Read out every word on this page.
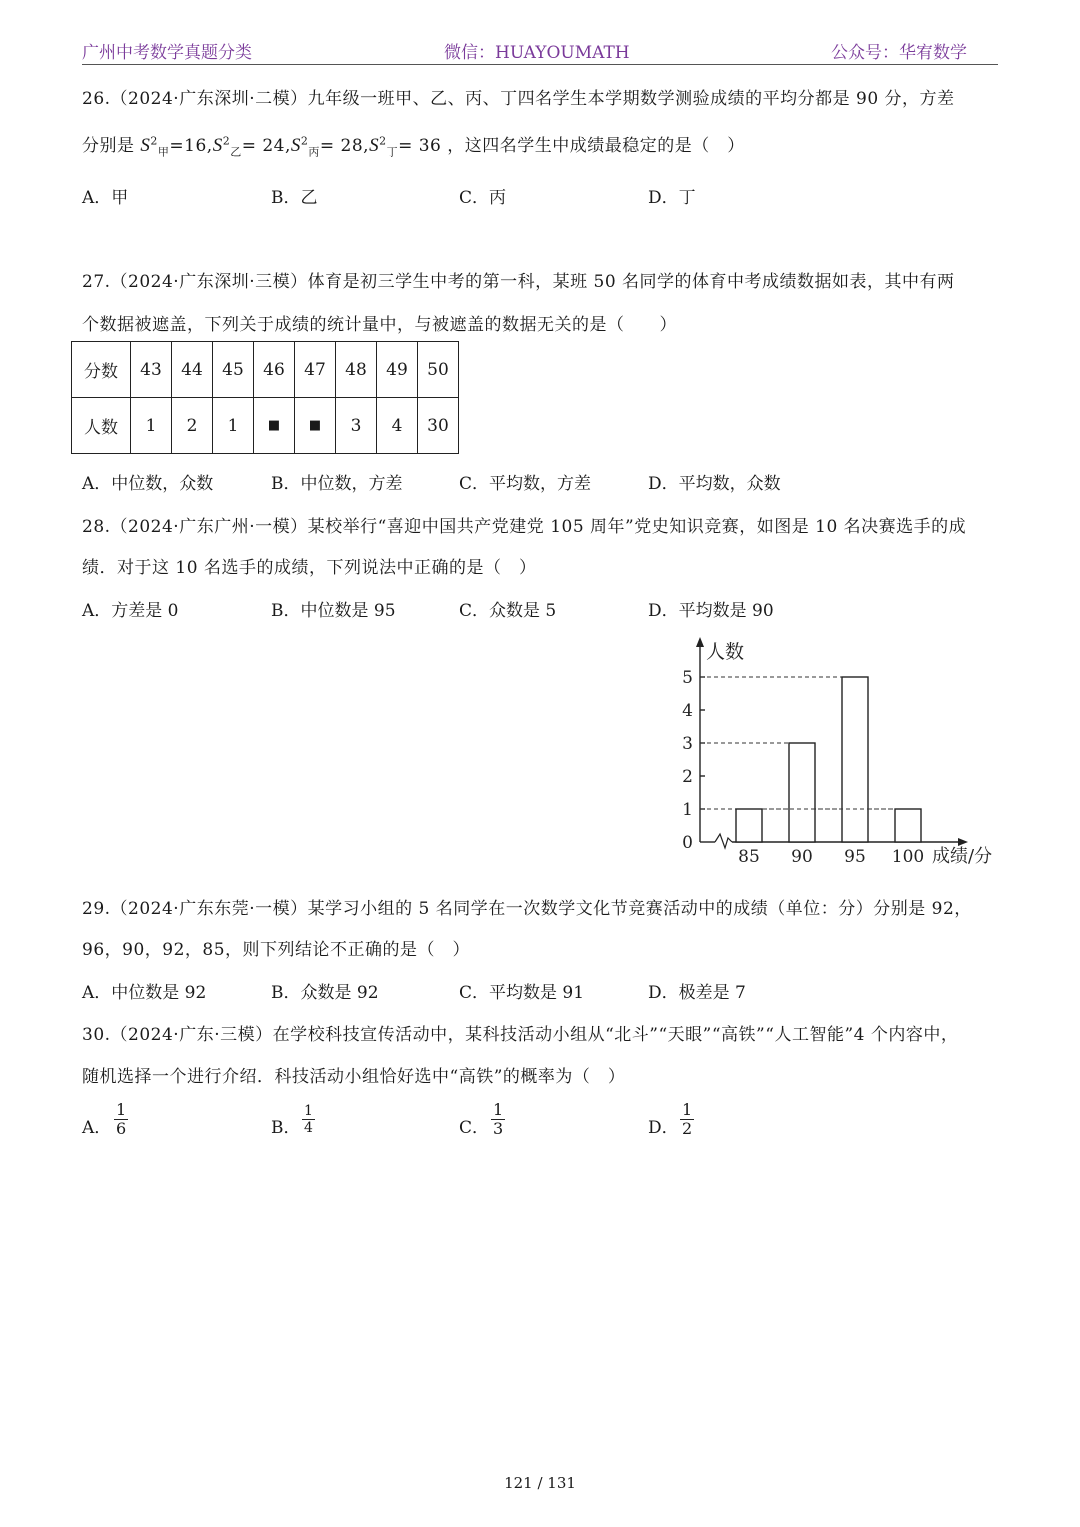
广州中考数学真题分类	微信：HUAYOUMATH	公众号：华宥数学
26.（2024·广东深圳·二模）九年级一班甲、乙、丙、丁四名学生本学期数学测验成绩的平均分都是 90 分，方差
分别是 $S^2_甲=16,S^2_乙= 24,S^2_丙= 28,S^2_丁= 36$ ，这四名学生中成绩最稳定的是（　）
A．甲	B．乙	C．丙	D．丁
27.（2024·广东深圳·三模）体育是初三学生中考的第一科，某班 50 名同学的体育中考成绩数据如表，其中有两
个数据被遮盖，下列关于成绩的统计量中，与被遮盖的数据无关的是（　　）
分数	43	44	45	46	47	48	49	50
人数	1	2	1	■	■	3	4	30
A．中位数，众数	B．中位数，方差	C．平均数，方差	D．平均数，众数
28.（2024·广东广州·一模）某校举行“喜迎中国共产党建党 105 周年”党史知识竞赛，如图是 10 名决赛选手的成
绩．对于这 10 名选手的成绩，下列说法中正确的是（　）
A．方差是 0	B．中位数是 95	C．众数是 5	D．平均数是 90
0
1
2
3
4
5
85 90 95 100
人数
成绩/分
29.（2024·广东东莞·一模）某学习小组的 5 名同学在一次数学文化节竞赛活动中的成绩（单位：分）分别是 92，
96，90，92，85，则下列结论不正确的是（　）
A．中位数是 92	B．众数是 92	C．平均数是 91	D．极差是 7
30.（2024·广东·三模）在学校科技宣传活动中，某科技活动小组从“北斗”“天眼”“高铁”“人工智能”4 个内容中，
随机选择一个进行介绍．科技活动小组恰好选中“高铁”的概率为（　）
A． $\frac{1}{6}$	B． $\frac{1}{4}$	C． $\frac{1}{3}$	D． $\frac{1}{2}$
121 / 131
